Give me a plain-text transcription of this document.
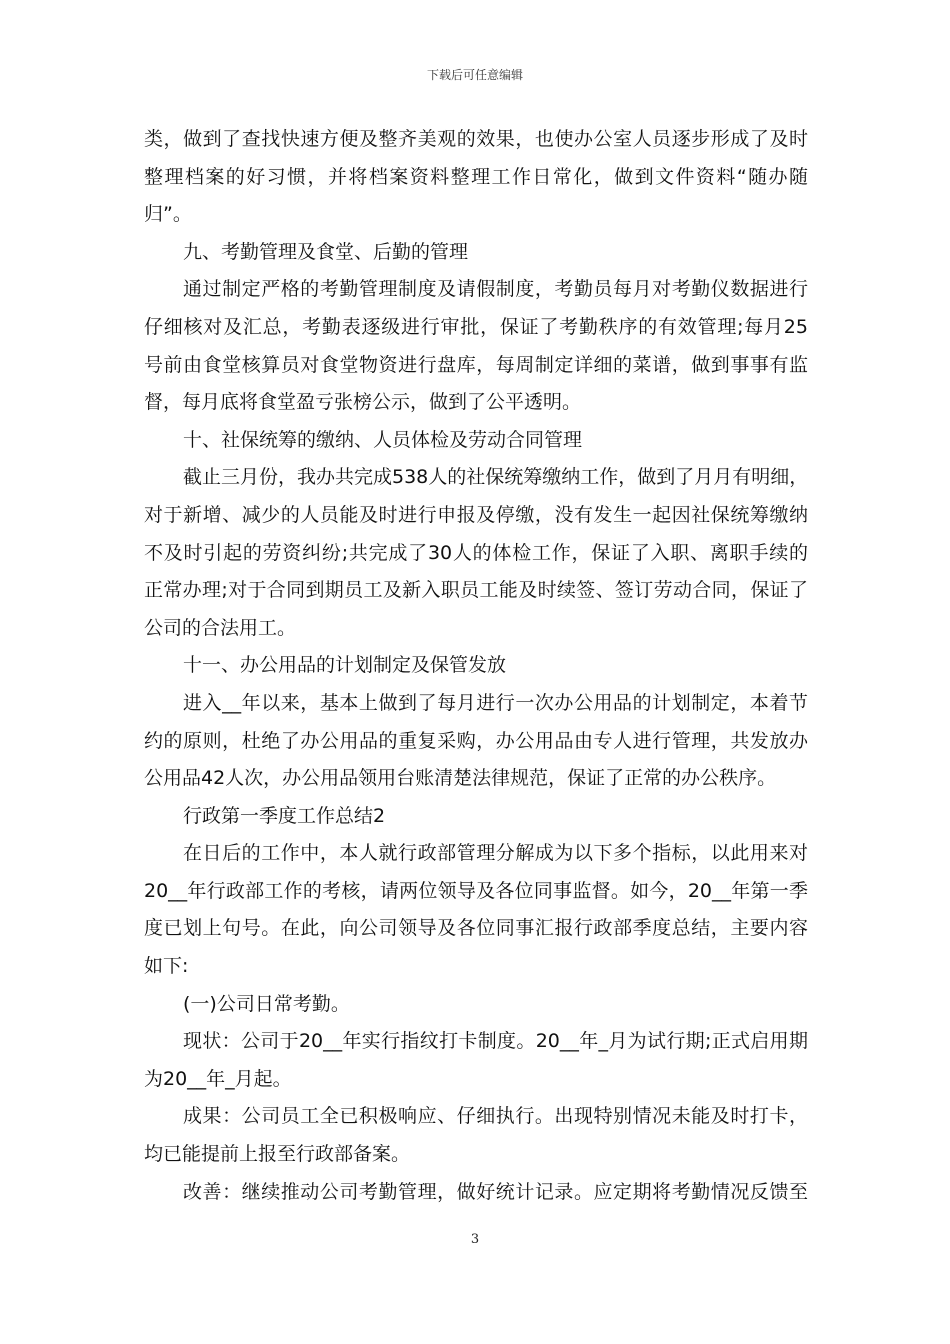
下载后可任意编辑
类，做到了查找快速方便及整齐美观的效果，也使办公室人员逐步形成了及时
整理档案的好习惯，并将档案资料整理工作日常化，做到文件资料“随办随
归”。
九、考勤管理及食堂、后勤的管理
通过制定严格的考勤管理制度及请假制度，考勤员每月对考勤仪数据进行
仔细核对及汇总，考勤表逐级进行审批，保证了考勤秩序的有效管理;每月25
号前由食堂核算员对食堂物资进行盘库，每周制定详细的菜谱，做到事事有监
督，每月底将食堂盈亏张榜公示，做到了公平透明。
十、社保统筹的缴纳、人员体检及劳动合同管理
截止三月份，我办共完成538人的社保统筹缴纳工作，做到了月月有明细，
对于新增、减少的人员能及时进行申报及停缴，没有发生一起因社保统筹缴纳
不及时引起的劳资纠纷;共完成了30人的体检工作，保证了入职、离职手续的
正常办理;对于合同到期员工及新入职员工能及时续签、签订劳动合同，保证了
公司的合法用工。
十一、办公用品的计划制定及保管发放
进入__年以来，基本上做到了每月进行一次办公用品的计划制定，本着节
约的原则，杜绝了办公用品的重复采购，办公用品由专人进行管理，共发放办
公用品42人次，办公用品领用台账清楚法律规范，保证了正常的办公秩序。
行政第一季度工作总结2
在日后的工作中，本人就行政部管理分解成为以下多个指标，以此用来对
20__年行政部工作的考核，请两位领导及各位同事监督。如今，20__年第一季
度已划上句号。在此，向公司领导及各位同事汇报行政部季度总结，主要内容
如下:
(一)公司日常考勤。
现状：公司于20__年实行指纹打卡制度。20__年_月为试行期;正式启用期
为20__年_月起。
成果：公司员工全已积极响应、仔细执行。出现特别情况未能及时打卡，
均已能提前上报至行政部备案。
改善：继续推动公司考勤管理，做好统计记录。应定期将考勤情况反馈至
3
